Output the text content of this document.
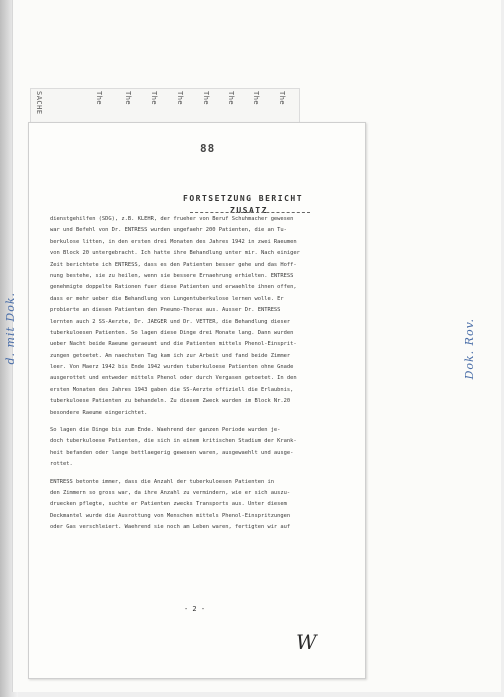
SACHE	The	The	The	The	The The The	The
d. mit Dok.	Dok. Rov.
88
FORTSETZUNG BERICHT
ZUSATZ
dienstgehilfen (SDG), z.B. KLEHR, der frueher von Beruf Schuhmacher gewesen
war und Befehl von Dr. ENTRESS wurden ungefaehr 200 Patienten, die an Tu-
berkulose litten, in den ersten drei Monaten des Jahres 1942 in zwei Raeumen
von Block 20 untergebracht. Ich hatte ihre Behandlung unter mir. Nach einiger
Zeit berichtete ich ENTRESS, dass es den Patienten besser gehe und das Hoff-
nung bestehe, sie zu heilen, wenn sie bessere Ernaehrung erhielten. ENTRESS
genehmigte doppelte Rationen fuer diese Patienten und erwaehlte ihnen offen,
dass er mehr ueber die Behandlung von Lungentuberkulose lernen wolle. Er
probierte an diesen Patienten den Pneumo-Thorax aus. Ausser Dr. ENTRESS
lernten auch 2 SS-Aerzte, Dr. JAEGER und Dr. VETTER, die Behandlung dieser
tuberkuloesen Patienten. So lagen diese Dinge drei Monate lang. Dann wurden
ueber Nacht beide Raeume geraeumt und die Patienten mittels Phenol-Einsprit-
zungen getoetet. Am naechsten Tag kam ich zur Arbeit und fand beide Zimmer
leer. Von Maerz 1942 bis Ende 1942 wurden tuberkuloese Patienten ohne Gnade
ausgerottet und entweder mittels Phenol oder durch Vergasen getoetet. In den
ersten Monaten des Jahres 1943 gaben die SS-Aerzte offiziell die Erlaubnis,
tuberkuloese Patienten zu behandeln. Zu diesem Zweck wurden im Block Nr.20
besondere Raeume eingerichtet.
So lagen die Dinge bis zum Ende. Waehrend der ganzen Periode wurden je-
doch tuberkuloese Patienten, die sich in einem kritischen Stadium der Krank-
heit befanden oder lange bettlaegerig gewesen waren, ausgewaehlt und ausge-
rottet.
ENTRESS betonte immer, dass die Anzahl der tuberkuloesen Patienten in
den Zimmern so gross war, da ihre Anzahl zu vermindern, wie er sich auszu-
druecken pflegte, suchte er Patienten zwecks Transports aus. Unter diesem
Deckmantel wurde die Ausrottung von Menschen mittels Phenol-Einspritzungen
oder Gas verschleiert. Waehrend sie noch am Leben waren, fertigten wir auf
- 2 -
W
